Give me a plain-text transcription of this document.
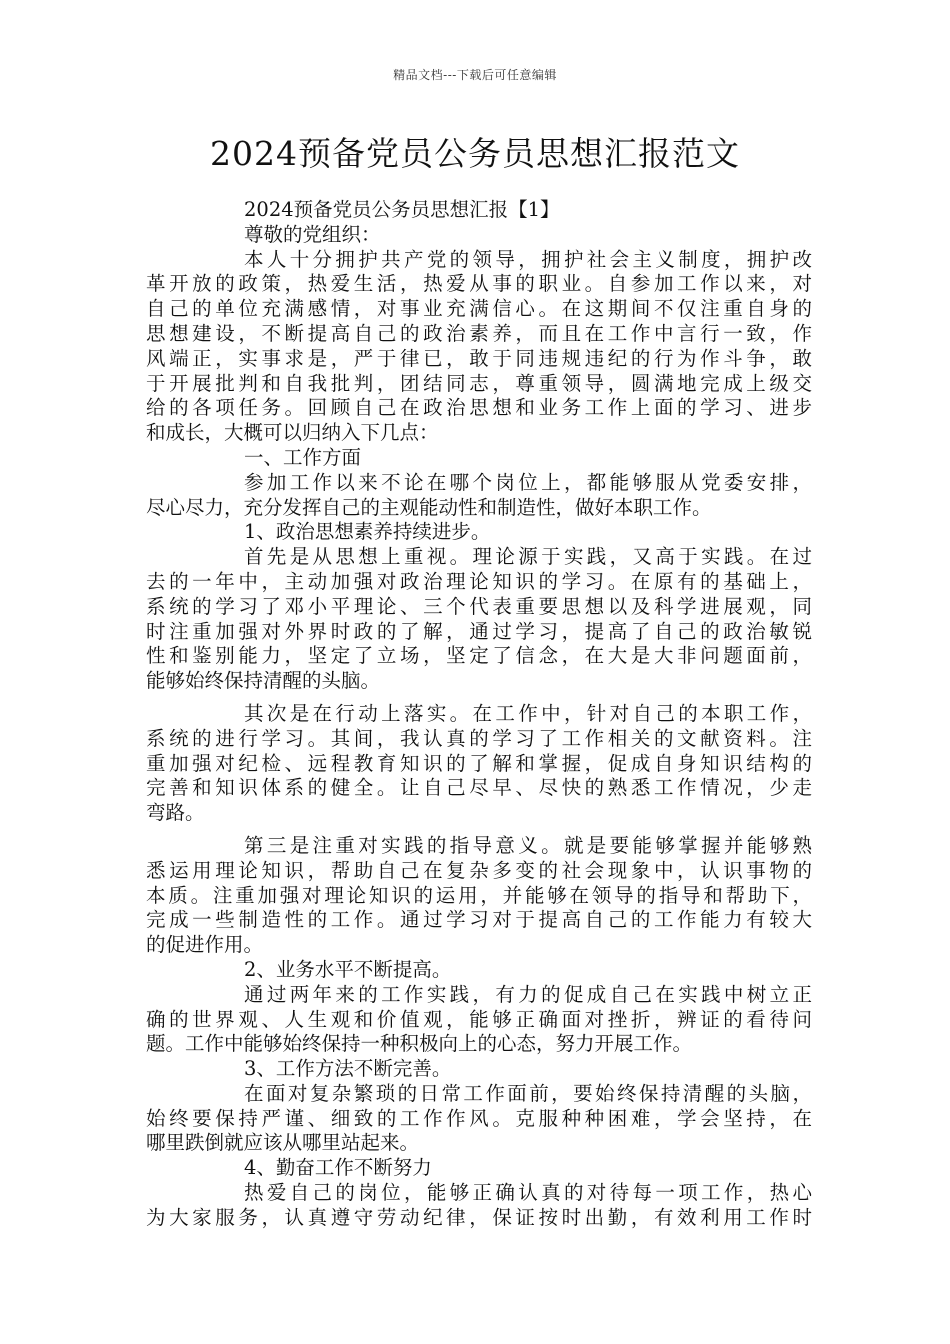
精品文档---下载后可任意编辑
2024预备党员公务员思想汇报范文
2024预备党员公务员思想汇报【1】
尊敬的党组织：
本人十分拥护共产党的领导，拥护社会主义制度，拥护改
革开放的政策，热爱生活，热爱从事的职业。自参加工作以来，对
自己的单位充满感情，对事业充满信心。在这期间不仅注重自身的
思想建设，不断提高自己的政治素养，而且在工作中言行一致，作
风端正，实事求是，严于律已，敢于同违规违纪的行为作斗争，敢
于开展批判和自我批判，团结同志，尊重领导，圆满地完成上级交
给的各项任务。回顾自己在政治思想和业务工作上面的学习、进步
和成长，大概可以归纳入下几点：
一、工作方面
参加工作以来不论在哪个岗位上，都能够服从党委安排，
尽心尽力，充分发挥自己的主观能动性和制造性，做好本职工作。
1、政治思想素养持续进步。
首先是从思想上重视。理论源于实践，又高于实践。在过
去的一年中，主动加强对政治理论知识的学习。在原有的基础上，
系统的学习了邓小平理论、三个代表重要思想以及科学进展观，同
时注重加强对外界时政的了解，通过学习，提高了自己的政治敏锐
性和鉴别能力，坚定了立场，坚定了信念，在大是大非问题面前，
能够始终保持清醒的头脑。
其次是在行动上落实。在工作中，针对自己的本职工作，
系统的进行学习。其间，我认真的学习了工作相关的文献资料。注
重加强对纪检、远程教育知识的了解和掌握，促成自身知识结构的
完善和知识体系的健全。让自己尽早、尽快的熟悉工作情况，少走
弯路。
第三是注重对实践的指导意义。就是要能够掌握并能够熟
悉运用理论知识，帮助自己在复杂多变的社会现象中，认识事物的
本质。注重加强对理论知识的运用，并能够在领导的指导和帮助下，
完成一些制造性的工作。通过学习对于提高自己的工作能力有较大
的促进作用。
2、业务水平不断提高。
通过两年来的工作实践，有力的促成自己在实践中树立正
确的世界观、人生观和价值观，能够正确面对挫折，辨证的看待问
题。工作中能够始终保持一种积极向上的心态，努力开展工作。
3、工作方法不断完善。
在面对复杂繁琐的日常工作面前，要始终保持清醒的头脑，
始终要保持严谨、细致的工作作风。克服种种困难，学会坚持，在
哪里跌倒就应该从哪里站起来。
4、勤奋工作不断努力
热爱自己的岗位，能够正确认真的对待每一项工作，热心
为大家服务，认真遵守劳动纪律，保证按时出勤，有效利用工作时
